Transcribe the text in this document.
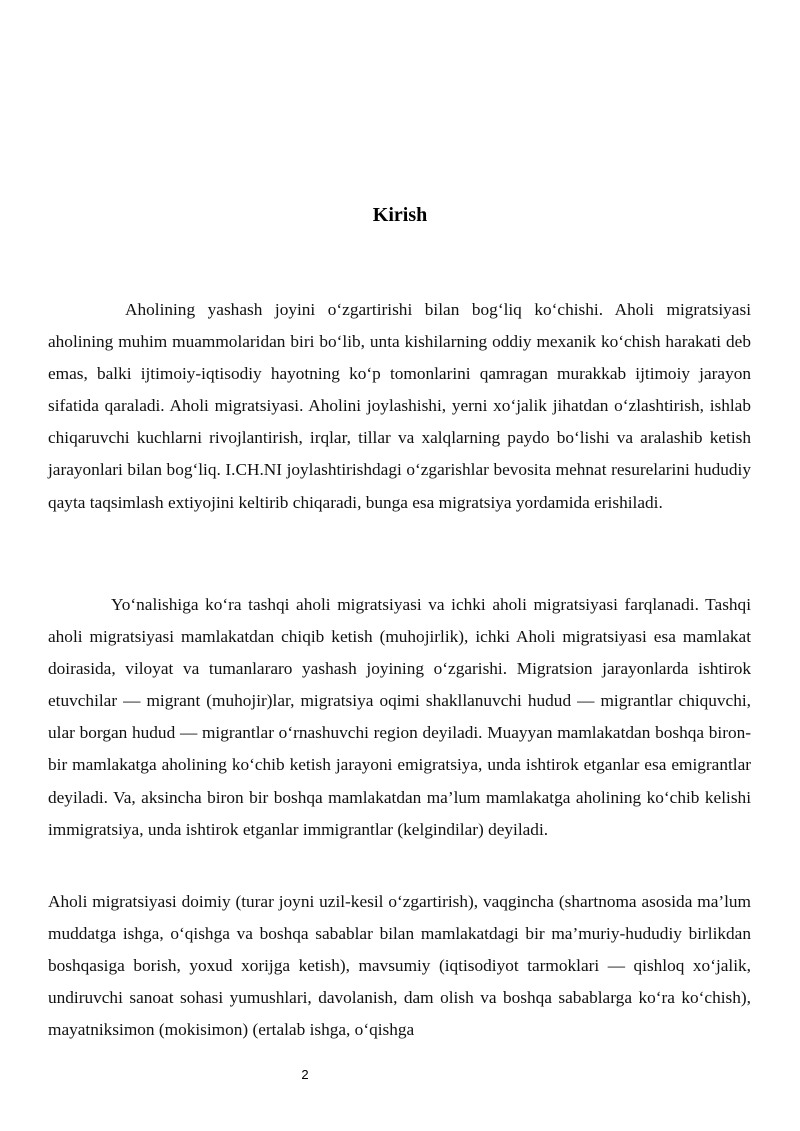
Kirish

Aholining yashash joyini o‘zgartirishi bilan bog‘liq ko‘chishi. Aholi migratsiyasi aholining muhim muammolaridan biri bo‘lib, unta kishilarning oddiy mexanik ko‘chish harakati deb emas, balki ijtimoiy-iqtisodiy hayotning ko‘p tomonlarini qamragan murakkab ijtimoiy jarayon sifatida qaraladi. Aholi migratsiyasi. Aholini joylashishi, yerni xo‘jalik jihatdan o‘zlashtirish, ishlab chiqaruvchi kuchlarni rivojlantirish, irqlar, tillar va xalqlarning paydo bo‘lishi va aralashib ketish jarayonlari bilan bog‘liq. I.CH.NI joylashtirishdagi o‘zgarishlar bevosita mehnat resurelarini hududiy qayta taqsimlash extiyojini keltirib chiqaradi, bunga esa migratsiya yordamida erishiladi.

Yo‘nalishiga ko‘ra tashqi aholi migratsiyasi va ichki aholi migratsiyasi farqlanadi. Tashqi aholi migratsiyasi mamlakatdan chiqib ketish (muhojirlik), ichki Aholi migratsiyasi esa mamlakat doirasida, viloyat va tumanlararo yashash joyining o‘zgarishi. Migratsion jarayonlarda ishtirok etuvchilar — migrant (muhojir)lar, migratsiya oqimi shakllanuvchi hudud — migrantlar chiquvchi, ular borgan hudud — migrantlar o‘rnashuvchi region deyiladi. Muayyan mamlakatdan boshqa biron-bir mamlakatga aholining ko‘chib ketish jarayoni emigratsiya, unda ishtirok etganlar esa emigrantlar deyiladi. Va, aksincha biron bir boshqa mamlakatdan ma’lum mamlakatga aholining ko‘chib kelishi immigratsiya, unda ishtirok etganlar immigrantlar (kelgindilar) deyiladi.

Aholi migratsiyasi doimiy (turar joyni uzil-kesil o‘zgartirish), vaqgincha (shartnoma asosida ma’lum muddatga ishga, o‘qishga va boshqa sabablar bilan mamlakatdagi bir ma’muriy-hududiy birlikdan boshqasiga borish, yoxud xorijga ketish), mavsumiy (iqtisodiyot tarmoklari — qishloq xo‘jalik, undiruvchi sanoat sohasi yumushlari, davolanish, dam olish va boshqa sabablarga ko‘ra ko‘chish), mayatniksimon (mokisimon) (ertalab ishga, o‘qishga

2
